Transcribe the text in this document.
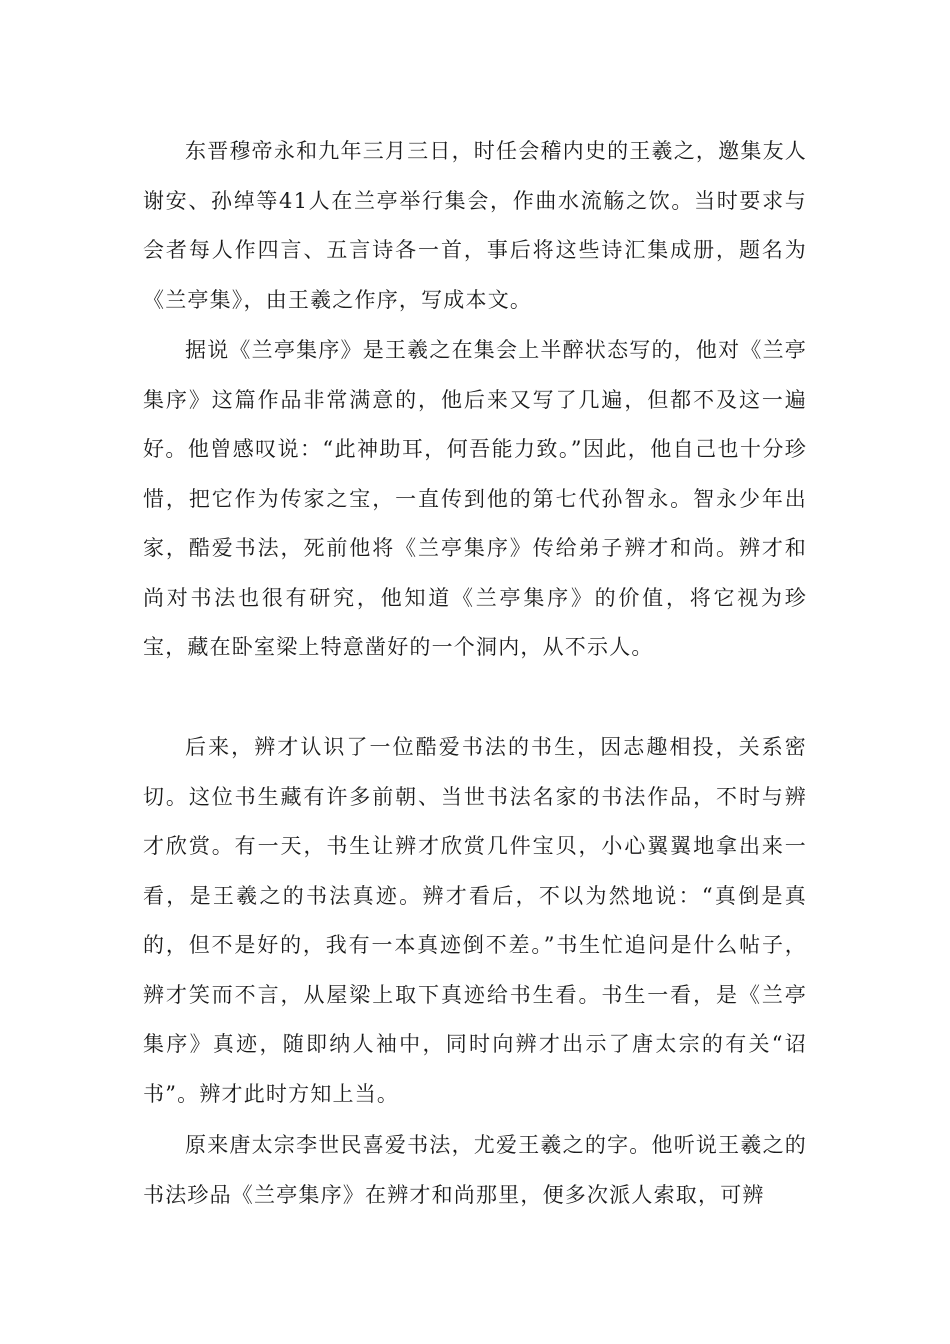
东晋穆帝永和九年三月三日，时任会稽内史的王羲之，邀集友人谢安、孙绰等41人在兰亭举行集会，作曲水流觞之饮。当时要求与会者每人作四言、五言诗各一首，事后将这些诗汇集成册，题名为《兰亭集》，由王羲之作序，写成本文。

据说《兰亭集序》是王羲之在集会上半醉状态写的，他对《兰亭集序》这篇作品非常满意的，他后来又写了几遍，但都不及这一遍好。他曾感叹说：“此神助耳，何吾能力致。”因此，他自己也十分珍惜，把它作为传家之宝，一直传到他的第七代孙智永。智永少年出家，酷爱书法，死前他将《兰亭集序》传给弟子辨才和尚。辨才和尚对书法也很有研究，他知道《兰亭集序》的价值，将它视为珍宝，藏在卧室梁上特意凿好的一个洞内，从不示人。

后来，辨才认识了一位酷爱书法的书生，因志趣相投，关系密切。这位书生藏有许多前朝、当世书法名家的书法作品，不时与辨才欣赏。有一天，书生让辨才欣赏几件宝贝，小心翼翼地拿出来一看，是王羲之的书法真迹。辨才看后，不以为然地说：“真倒是真的，但不是好的，我有一本真迹倒不差。”书生忙追问是什么帖子，辨才笑而不言，从屋梁上取下真迹给书生看。书生一看，是《兰亭集序》真迹，随即纳人袖中，同时向辨才出示了唐太宗的有关“诏书”。辨才此时方知上当。

原来唐太宗李世民喜爱书法，尤爱王羲之的字。他听说王羲之的书法珍品《兰亭集序》在辨才和尚那里，便多次派人索取，可辨
